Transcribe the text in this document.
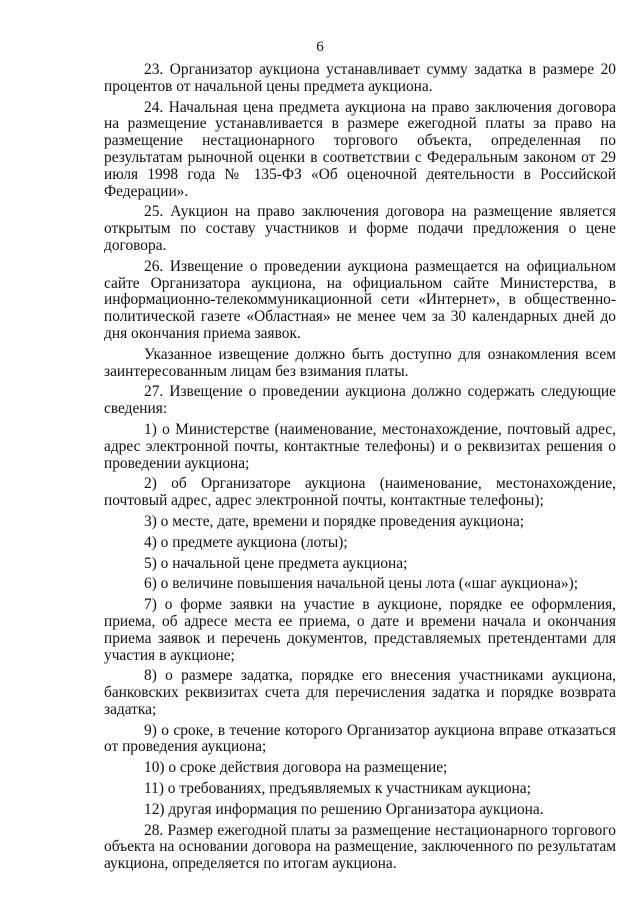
6

23. Организатор аукциона устанавливает сумму задатка в размере 20 процентов от начальной цены предмета аукциона.

24. Начальная цена предмета аукциона на право заключения договора на размещение устанавливается в размере ежегодной платы за право на размещение нестационарного торгового объекта, определенная по результатам рыночной оценки в соответствии с Федеральным законом от 29 июля 1998 года № 135-ФЗ «Об оценочной деятельности в Российской Федерации».

25. Аукцион на право заключения договора на размещение является открытым по составу участников и форме подачи предложения о цене договора.

26. Извещение о проведении аукциона размещается на официальном сайте Организатора аукциона, на официальном сайте Министерства, в информационно-телекоммуникационной сети «Интернет», в общественно-политической газете «Областная» не менее чем за 30 календарных дней до дня окончания приема заявок.

Указанное извещение должно быть доступно для ознакомления всем заинтересованным лицам без взимания платы.

27. Извещение о проведении аукциона должно содержать следующие сведения:

1) о Министерстве (наименование, местонахождение, почтовый адрес, адрес электронной почты, контактные телефоны) и о реквизитах решения о проведении аукциона;

2) об Организаторе аукциона (наименование, местонахождение, почтовый адрес, адрес электронной почты, контактные телефоны);

3) о месте, дате, времени и порядке проведения аукциона;

4) о предмете аукциона (лоты);

5) о начальной цене предмета аукциона;

6) о величине повышения начальной цены лота («шаг аукциона»);

7) о форме заявки на участие в аукционе, порядке ее оформления, приема, об адресе места ее приема, о дате и времени начала и окончания приема заявок и перечень документов, представляемых претендентами для участия в аукционе;

8) о размере задатка, порядке его внесения участниками аукциона, банковских реквизитах счета для перечисления задатка и порядке возврата задатка;

9) о сроке, в течение которого Организатор аукциона вправе отказаться от проведения аукциона;

10) о сроке действия договора на размещение;

11) о требованиях, предъявляемых к участникам аукциона;

12) другая информация по решению Организатора аукциона.

28. Размер ежегодной платы за размещение нестационарного торгового объекта на основании договора на размещение, заключенного по результатам аукциона, определяется по итогам аукциона.
